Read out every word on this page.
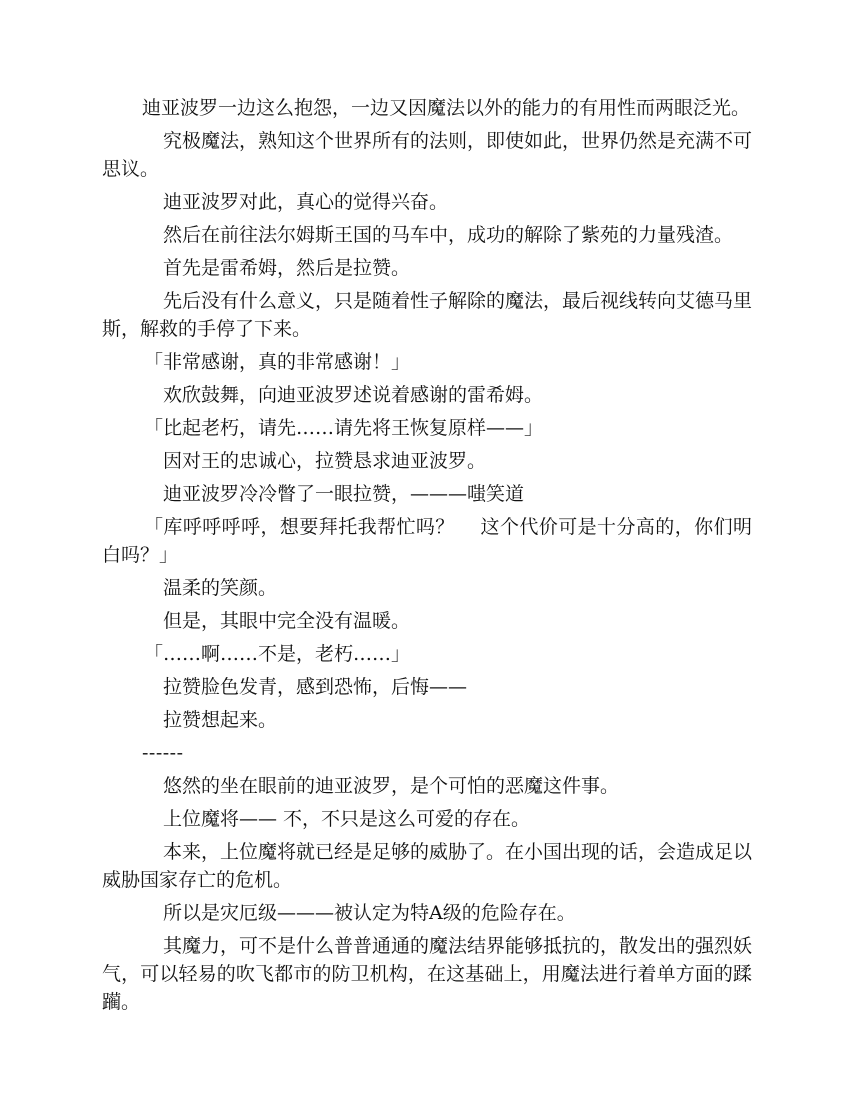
迪亚波罗一边这么抱怨，一边又因魔法以外的能力的有用性而两眼泛光。

究极魔法，熟知这个世界所有的法则，即使如此，世界仍然是充满不可思议。

迪亚波罗对此，真心的觉得兴奋。

然后在前往法尔姆斯王国的马车中，成功的解除了紫苑的力量残渣。

首先是雷希姆，然后是拉赞。

先后没有什么意义，只是随着性子解除的魔法，最后视线转向艾德马里斯，解救的手停了下来。

「非常感谢，真的非常感谢！」

欢欣鼓舞，向迪亚波罗述说着感谢的雷希姆。

「比起老朽，请先……请先将王恢复原样——」

因对王的忠诚心，拉赞恳求迪亚波罗。

迪亚波罗冷冷瞥了一眼拉赞，———嗤笑道

「库呼呼呼呼，想要拜托我帮忙吗？    这个代价可是十分高的，你们明白吗？」

温柔的笑颜。

但是，其眼中完全没有温暖。

「……啊……不是，老朽……」

拉赞脸色发青，感到恐怖，后悔——

拉赞想起来。

------

悠然的坐在眼前的迪亚波罗，是个可怕的恶魔这件事。

上位魔将—— 不，不只是这么可爱的存在。

本来，上位魔将就已经是足够的威胁了。在小国出现的话，会造成足以威胁国家存亡的危机。

所以是灾厄级———被认定为特A级的危险存在。

其魔力，可不是什么普普通通的魔法结界能够抵抗的，散发出的强烈妖气，可以轻易的吹飞都市的防卫机构，在这基础上，用魔法进行着单方面的蹂躏。
